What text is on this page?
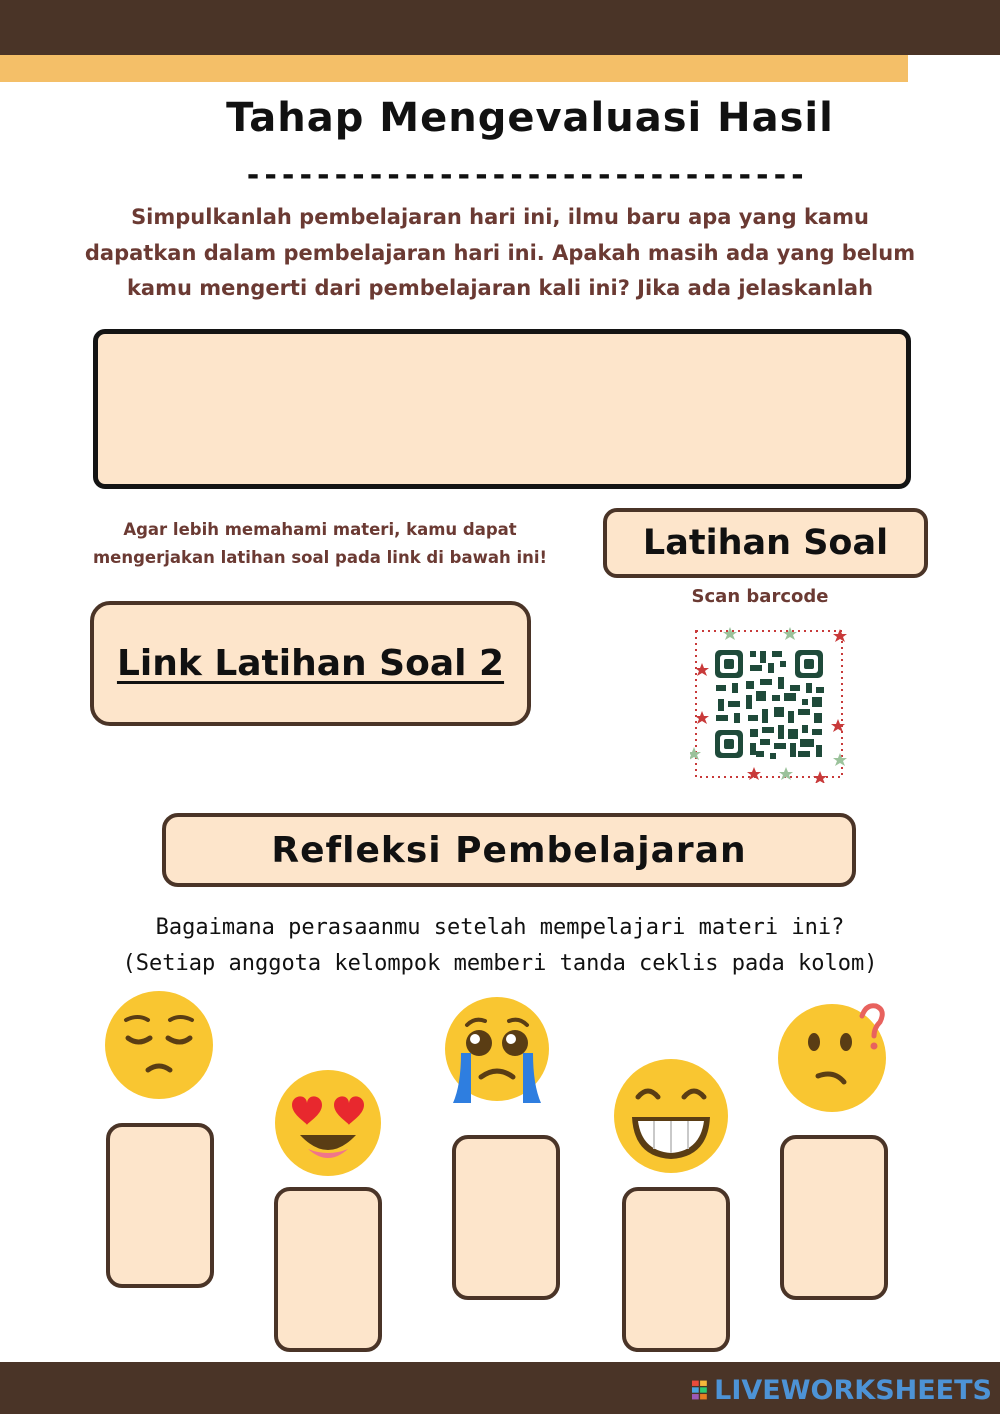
Tahap Mengevaluasi Hasil
--------------------------------
Simpulkanlah pembelajaran hari ini, ilmu baru apa yang kamu
dapatkan dalam pembelajaran hari ini. Apakah masih ada yang belum
kamu mengerti dari pembelajaran kali ini? Jika ada jelaskanlah
Agar lebih memahami materi, kamu dapat
mengerjakan latihan soal pada link di bawah ini!	Latihan Soal
Scan barcode
Link Latihan Soal 2
Refleksi Pembelajaran
Bagaimana perasaanmu setelah mempelajari materi ini?
(Setiap anggota kelompok memberi tanda ceklis pada kolom)
LIVEWORKSHEETS
